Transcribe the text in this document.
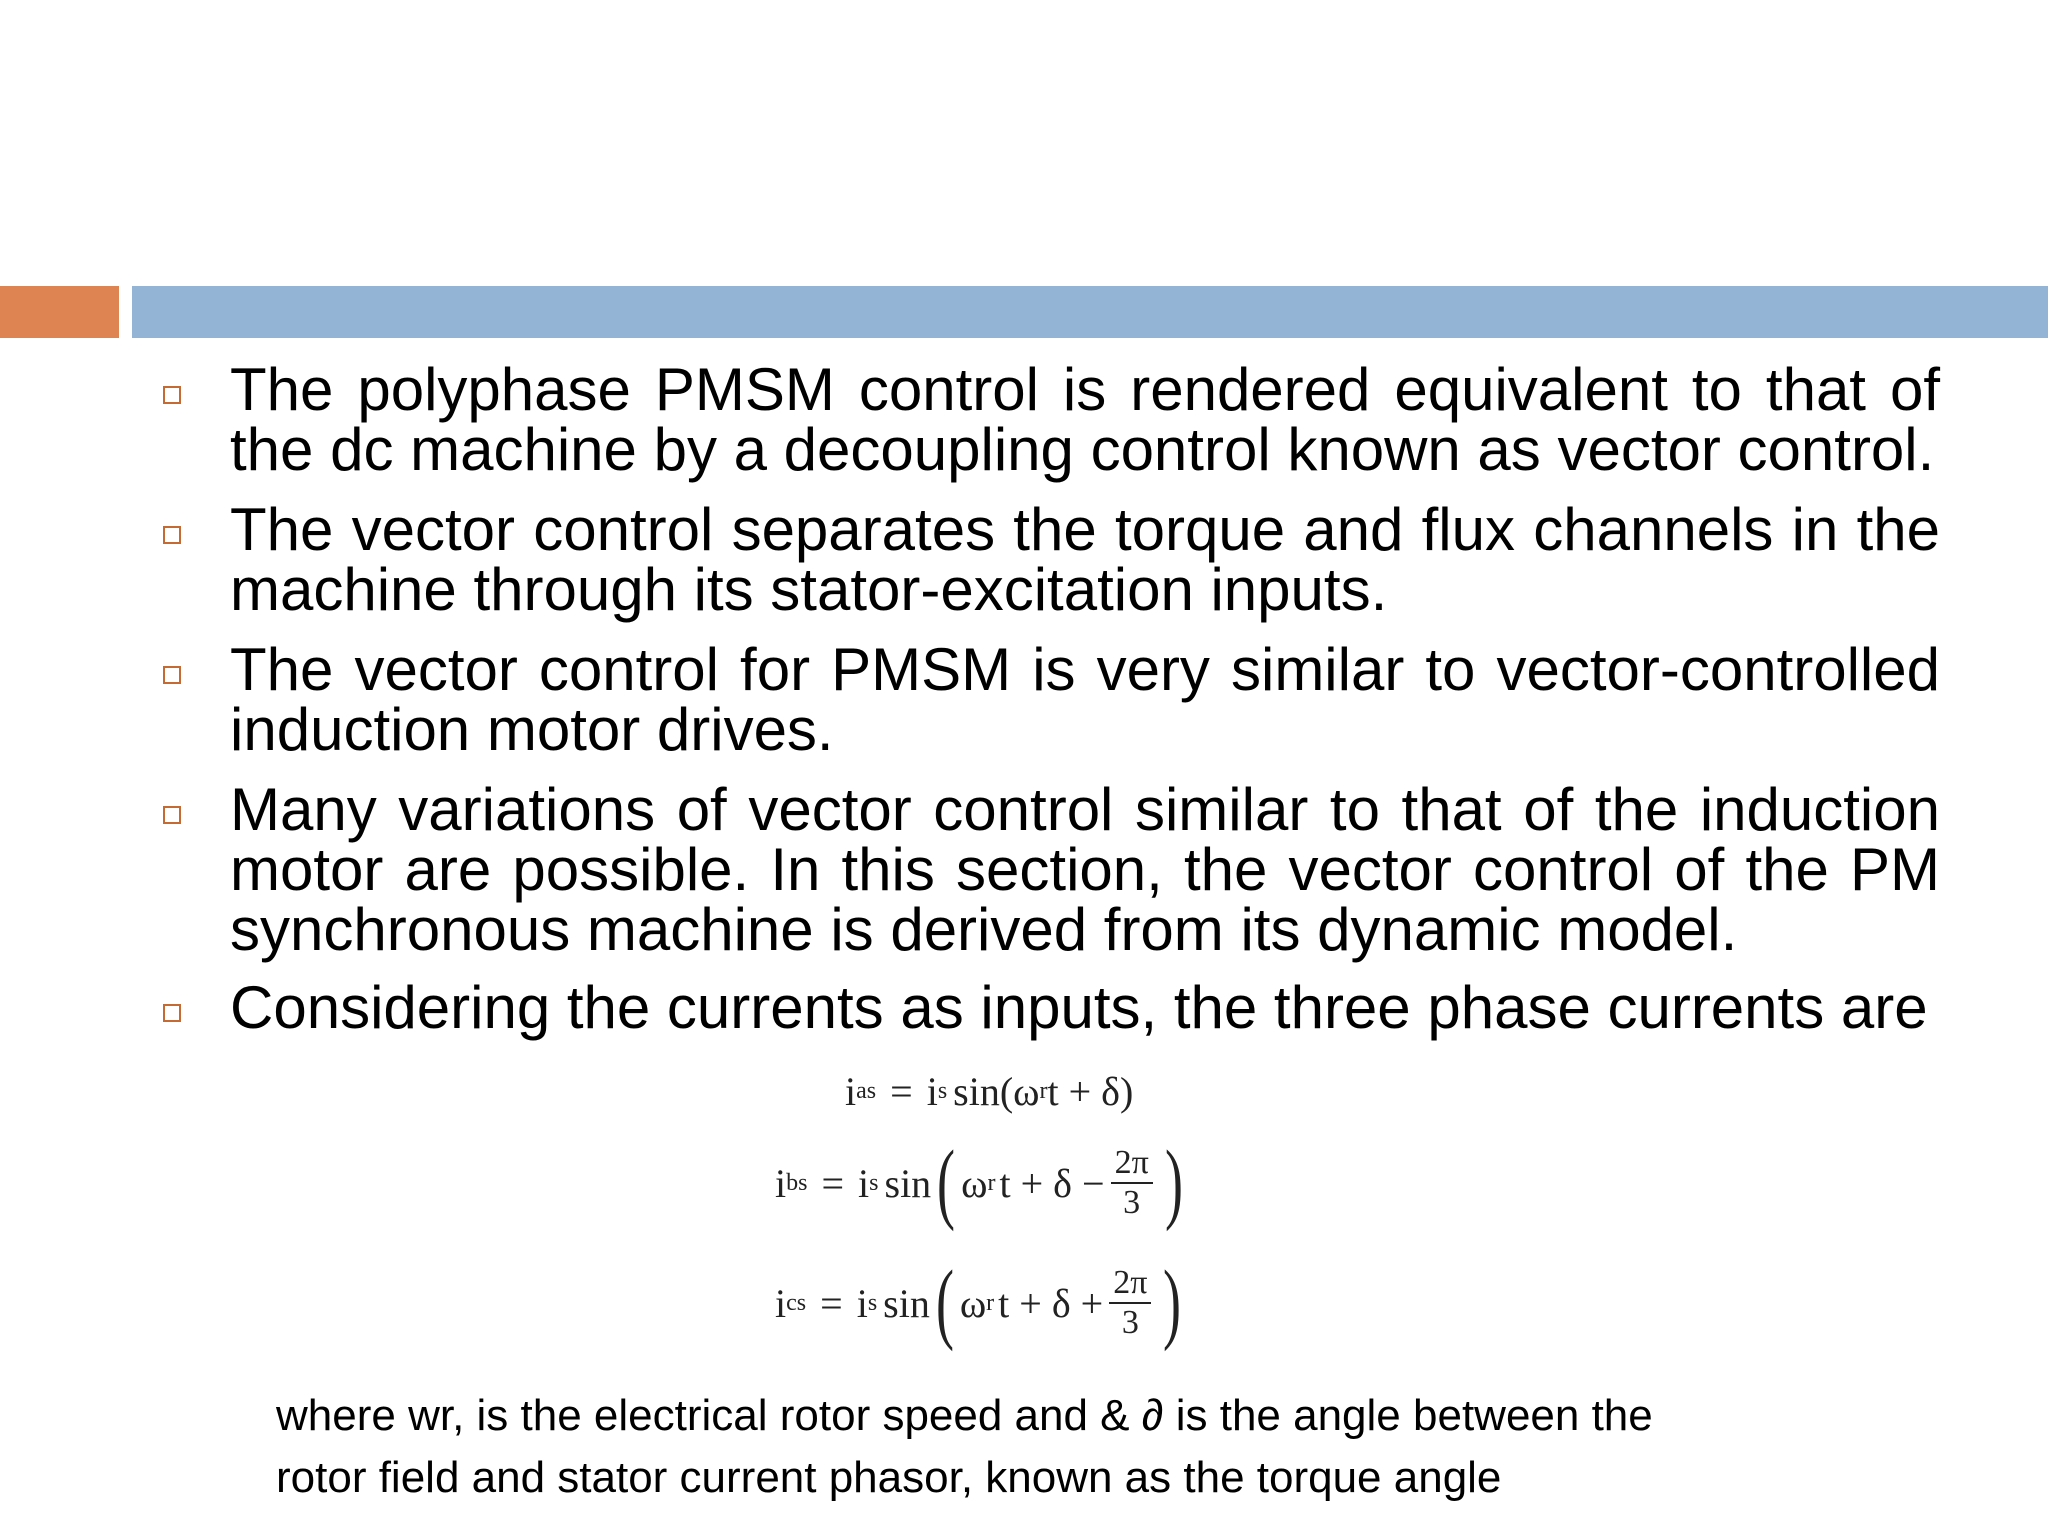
The polyphase PMSM control is rendered equivalent to that of the dc machine by a decoupling control known as vector control.

The vector control separates the torque and flux channels in the machine through its stator-excitation inputs.

The vector control for PMSM is very similar to vector-controlled induction motor drives.

Many variations of vector control similar to that of the induction motor are possible. In this section, the vector control of the PM synchronous machine is derived from its dynamic model.

Considering the currents as inputs, the three phase currents are

i as = i s sin (ω r t + δ)
i bs = i s sin ( ω r $t + \delta - \frac{2\pi}{3}$ )
i cs = i s sin ( ω r $t + \delta + \frac{2\pi}{3}$ )
where wr, is the electrical rotor speed and & ∂ is the angle between the
rotor field and stator current phasor, known as the torque angle
